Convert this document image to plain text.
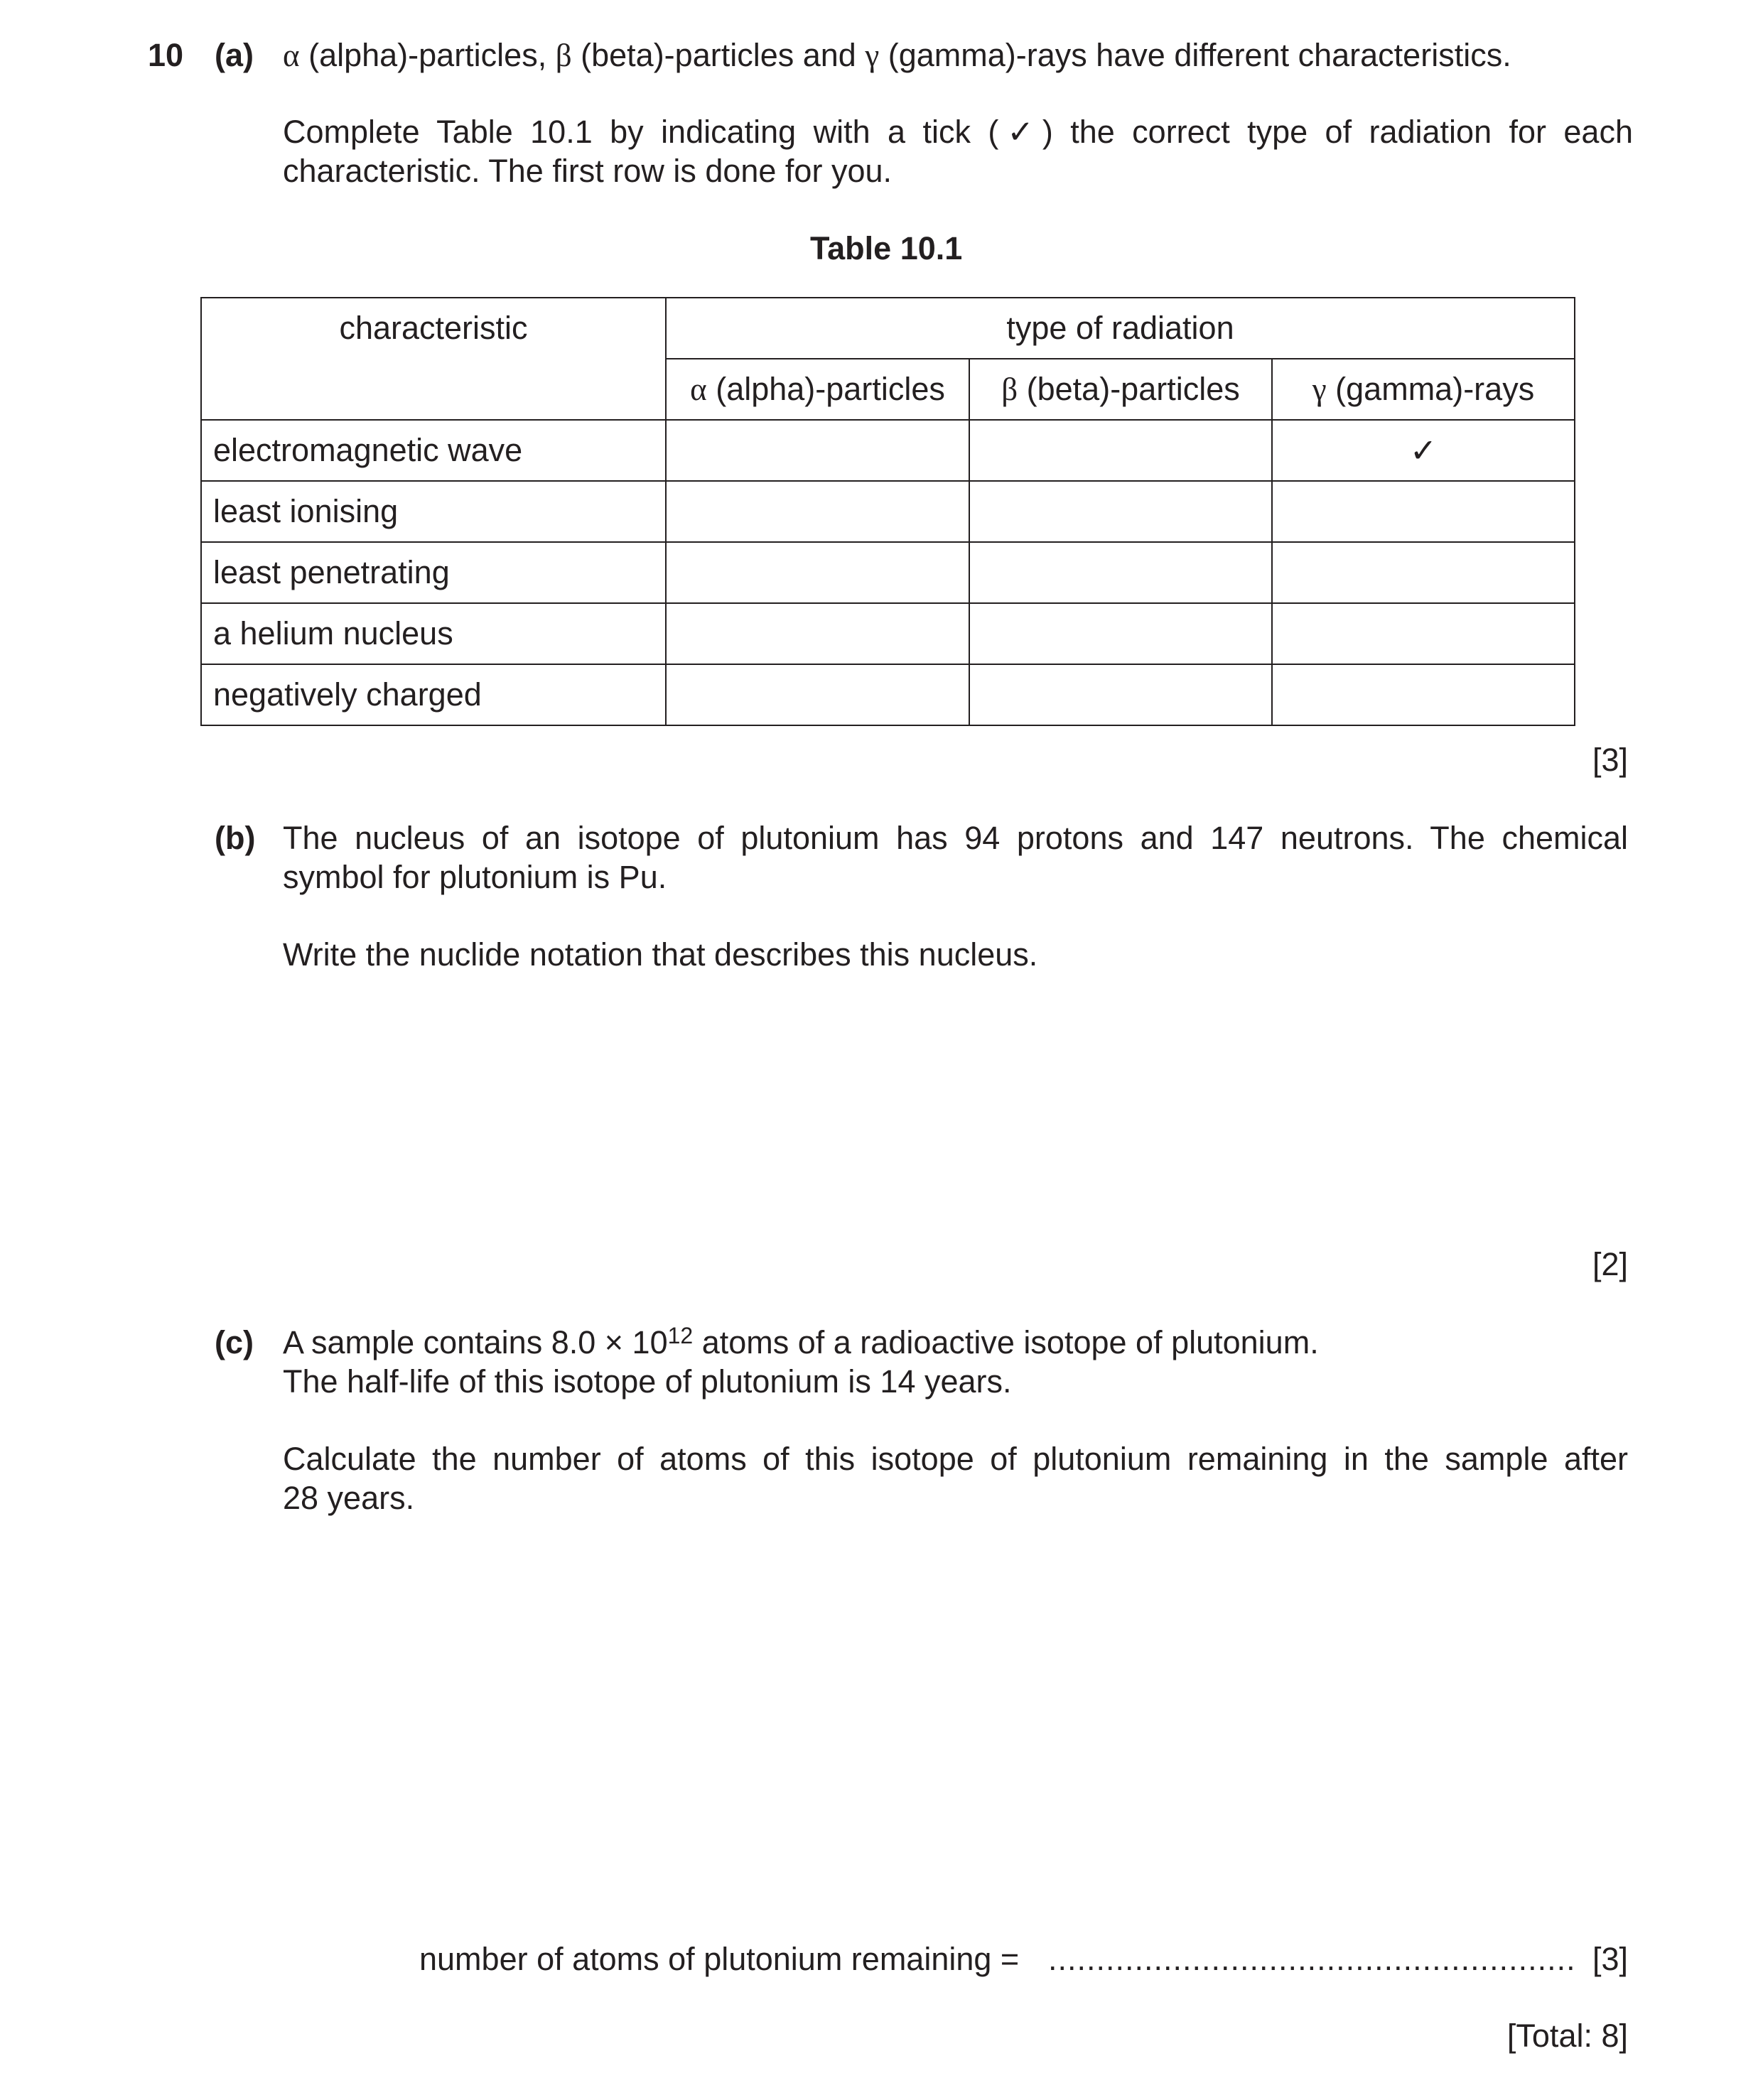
10 (a) α (alpha)-particles, β (beta)-particles and γ (gamma)-rays have different characteristics.
Complete Table 10.1 by indicating with a tick (✓) the correct type of radiation for each
characteristic. The first row is done for you.
Table 10.1
characteristic	type of radiation		
	α (alpha)-particles	β (beta)-particles	γ (gamma)-rays
electromagnetic wave			✓
least ionising			
least penetrating			
a helium nucleus			
negatively charged			
[3]
(b) The nucleus of an isotope of plutonium has 94 protons and 147 neutrons. The chemical
symbol for plutonium is Pu.
Write the nuclide notation that describes this nucleus.
[2]
(c) A sample contains $8.0 \times 10^{12}$ atoms of a radioactive isotope of plutonium.
The half-life of this isotope of plutonium is 14 years.
Calculate the number of atoms of this isotope of plutonium remaining in the sample after
28 years.
number of atoms of plutonium remaining = ....................................................... [3]
[Total: 8]
